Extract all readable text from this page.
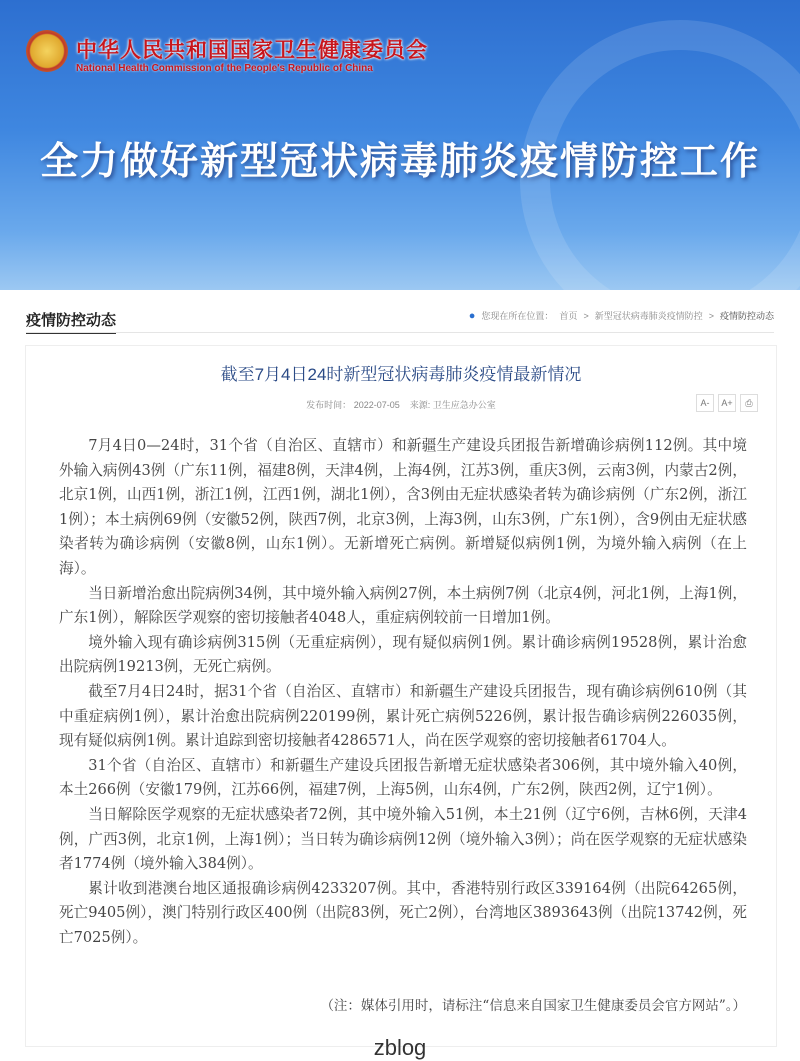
中华人民共和国国家卫生健康委员会
National Health Commission of the People's Republic of China
全力做好新型冠状病毒肺炎疫情防控工作
疫情防控动态	● 您现在所在位置： 首页 > 新型冠状病毒肺炎疫情防控 > 疫情防控动态
截至7月4日24时新型冠状病毒肺炎疫情最新情况
发布时间： 2022-07-05 来源: 卫生应急办公室	A-	A+	⎙

7月4日0—24时，31个省（自治区、直辖市）和新疆生产建设兵团报告新增确诊病例112例。其中境外输入病例43例（广东11例，福建8例，天津4例，上海4例，江苏3例，重庆3例，云南3例，内蒙古2例，北京1例，山西1例，浙江1例，江西1例，湖北1例），含3例由无症状感染者转为确诊病例（广东2例，浙江1例）；本土病例69例（安徽52例，陕西7例，北京3例，上海3例，山东3例，广东1例），含9例由无症状感染者转为确诊病例（安徽8例，山东1例）。无新增死亡病例。新增疑似病例1例，为境外输入病例（在上海）。

当日新增治愈出院病例34例，其中境外输入病例27例，本土病例7例（北京4例，河北1例，上海1例，广东1例），解除医学观察的密切接触者4048人，重症病例较前一日增加1例。

境外输入现有确诊病例315例（无重症病例），现有疑似病例1例。累计确诊病例19528例，累计治愈出院病例19213例，无死亡病例。

截至7月4日24时，据31个省（自治区、直辖市）和新疆生产建设兵团报告，现有确诊病例610例（其中重症病例1例），累计治愈出院病例220199例，累计死亡病例5226例，累计报告确诊病例226035例，现有疑似病例1例。累计追踪到密切接触者4286571人，尚在医学观察的密切接触者61704人。

31个省（自治区、直辖市）和新疆生产建设兵团报告新增无症状感染者306例，其中境外输入40例，本土266例（安徽179例，江苏66例，福建7例，上海5例，山东4例，广东2例，陕西2例，辽宁1例）。

当日解除医学观察的无症状感染者72例，其中境外输入51例，本土21例（辽宁6例，吉林6例，天津4例，广西3例，北京1例，上海1例）；当日转为确诊病例12例（境外输入3例）；尚在医学观察的无症状感染者1774例（境外输入384例）。

累计收到港澳台地区通报确诊病例4233207例。其中，香港特别行政区339164例（出院64265例，死亡9405例），澳门特别行政区400例（出院83例，死亡2例），台湾地区3893643例（出院13742例，死亡7025例）。

（注：媒体引用时，请标注“信息来自国家卫生健康委员会官方网站”。）
zblog
